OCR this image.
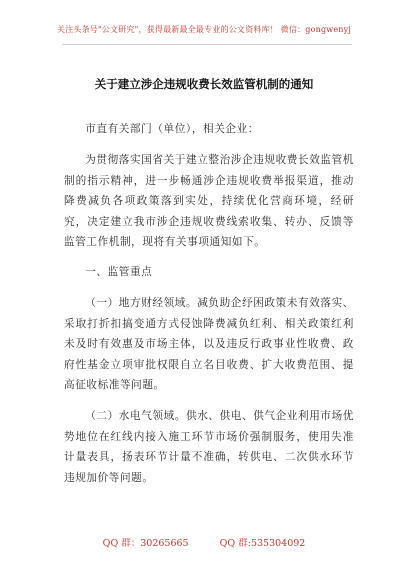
关注头条号"公文研究"，获得最新最全最专业的公文资料库！ 微信：gongwenyj
关于建立涉企违规收费长效监管机制的通知
市直有关部门（单位），相关企业：
为贯彻落实国省关于建立整治涉企违规收费长效监管机制的指示精神，进一步畅通涉企违规收费举报渠道，推动降费减负各项政策落到实处，持续优化营商环境，经研究，决定建立我市涉企违规收费线索收集、转办、反馈等监管工作机制，现将有关事项通知如下。
一、监管重点
（一）地方财经领域。减负助企纾困政策未有效落实、采取打折扣搞变通方式侵蚀降费减负红利、相关政策红利未及时有效惠及市场主体，以及违反行政事业性收费、政府性基金立项审批权限自立名目收费、扩大收费范围、提高征收标准等问题。
（二）水电气领域。供水、供电、供气企业利用市场优势地位在红线内接入施工环节市场价强制服务，使用失准计量表具，扬表环节计量不准确，转供电、二次供水环节违规加价等问题。
QQ 群：30265665	QQ 群:535304092
